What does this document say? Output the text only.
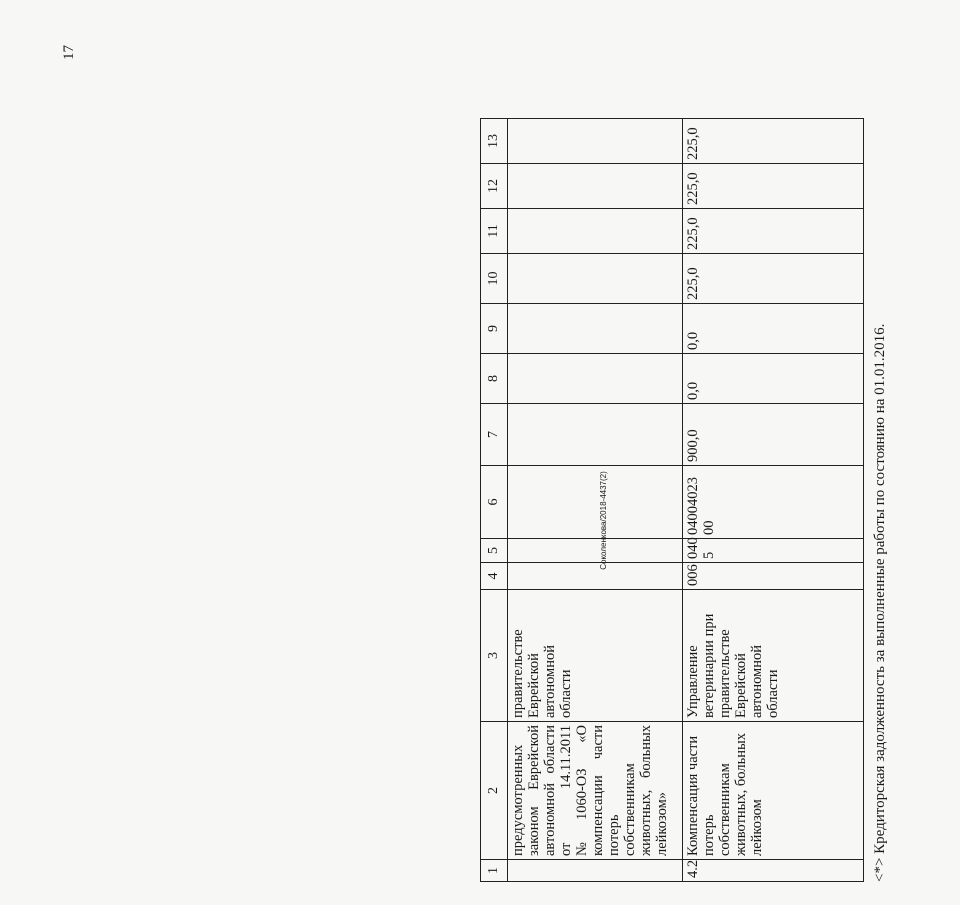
17
1	2	3	4	5	6	7	8	9	10	11	12	13
	предусмотренных законом Еврейской автономной области от 14.11.2011 №1060-ОЗ «О компенсации части потерь собственникам животных, больных лейкозом»	правительстве Еврейской автономной области										
4.2	Компенсация части потерь собственникам животных, больных лейкозом	Управление ветеринарии при правительстве Еврейской автономной области	006	040 5	04004023 00	900,0	0,0	0,0	225,0	225,0	225,0	225,0
<*> Кредиторская задолженность за выполненные работы по состоянию на 01.01.2016.
Соколенкова/2018-4437(2)
